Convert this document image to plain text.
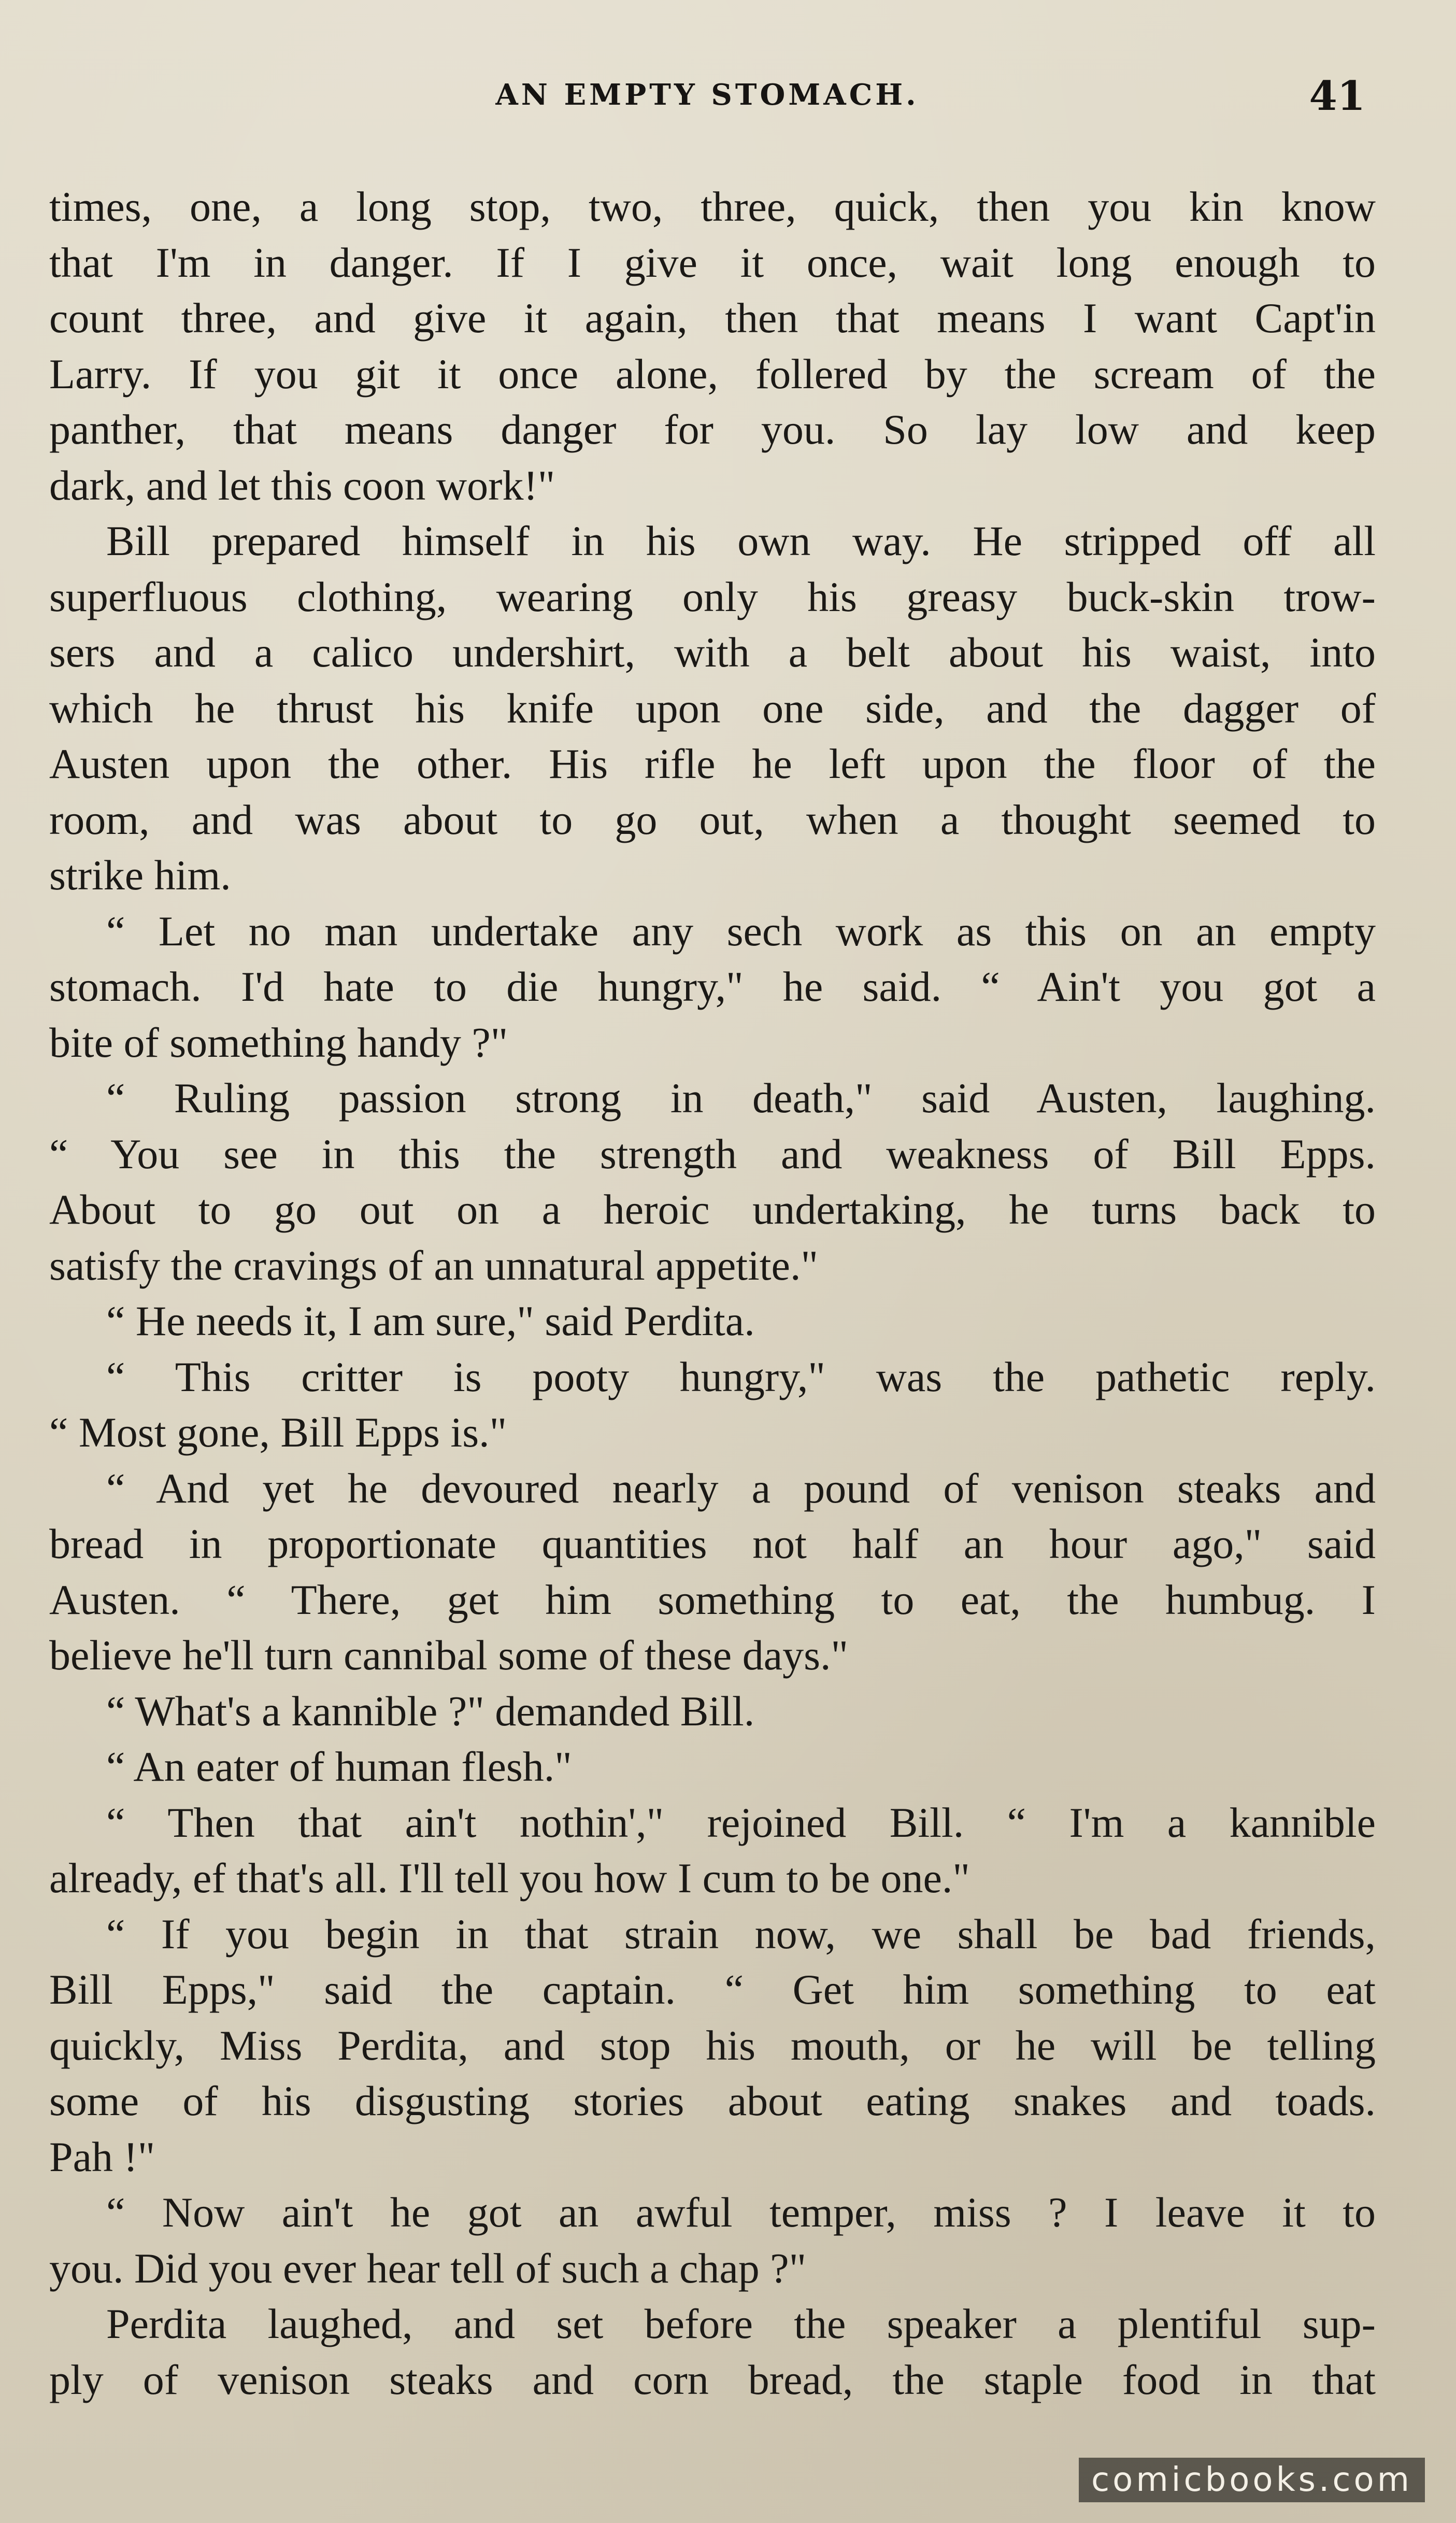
AN EMPTY STOMACH.	41
times, one, a long stop, two, three, quick, then you kin know
that I'm in danger. If I give it once, wait long enough to
count three, and give it again, then that means I want Capt'in
Larry. If you git it once alone, follered by the scream of the
panther, that means danger for you. So lay low and keep
dark, and let this coon work!"
Bill prepared himself in his own way. He stripped off all
superfluous clothing, wearing only his greasy buck-skin trow-
sers and a calico undershirt, with a belt about his waist, into
which he thrust his knife upon one side, and the dagger of
Austen upon the other. His rifle he left upon the floor of the
room, and was about to go out, when a thought seemed to
strike him.
“ Let no man undertake any sech work as this on an empty
stomach. I'd hate to die hungry," he said. “ Ain't you got a
bite of something handy ?"
“ Ruling passion strong in death," said Austen, laughing.
“ You see in this the strength and weakness of Bill Epps.
About to go out on a heroic undertaking, he turns back to
satisfy the cravings of an unnatural appetite."
“ He needs it, I am sure," said Perdita.
“ This critter is pooty hungry," was the pathetic reply.
“ Most gone, Bill Epps is."
“ And yet he devoured nearly a pound of venison steaks and
bread in proportionate quantities not half an hour ago," said
Austen. “ There, get him something to eat, the humbug. I
believe he'll turn cannibal some of these days."
“ What's a kannible ?" demanded Bill.
“ An eater of human flesh."
“ Then that ain't nothin'," rejoined Bill. “ I'm a kannible
already, ef that's all. I'll tell you how I cum to be one."
“ If you begin in that strain now, we shall be bad friends,
Bill Epps," said the captain. “ Get him something to eat
quickly, Miss Perdita, and stop his mouth, or he will be telling
some of his disgusting stories about eating snakes and toads.
Pah !"
“ Now ain't he got an awful temper, miss ? I leave it to
you. Did you ever hear tell of such a chap ?"
Perdita laughed, and set before the speaker a plentiful sup-
ply of venison steaks and corn bread, the staple food in that
comicbooks.com
